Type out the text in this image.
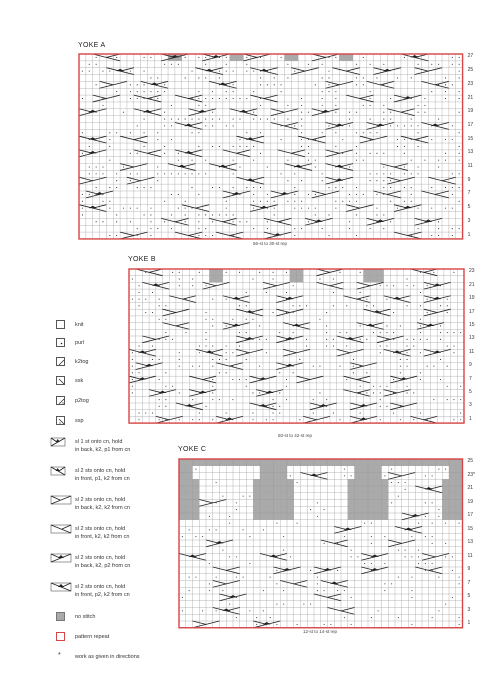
YOKE A
56-st to 30-st rep
27
25
23
21
19
17
15
13
11
9
7
5
3
1
YOKE B
50-st to 42-st rep
23
21
19
17
15
13
11
9
7
5
3
1
YOKE C
12-st to 14-st rep
25
23*
21
19
17
15
13
11
9
7
5
3
1
knit
purl
k2tog
ssk
p2tog
ssp
sl 1 st onto cn, hold
in back, k2, p1 from cn
sl 2 sts onto cn, hold
in front, p1, k2 from cn
sl 2 sts onto cn, hold
in back, k2, k2 from cn
sl 2 sts onto cn, hold
in front, k2, k2 from cn
sl 2 sts onto cn, hold
in back, k2, p2 from cn
sl 2 sts onto cn, hold
in front, p2, k2 from cn
no stitch
pattern repeat
*	work as given in directions
